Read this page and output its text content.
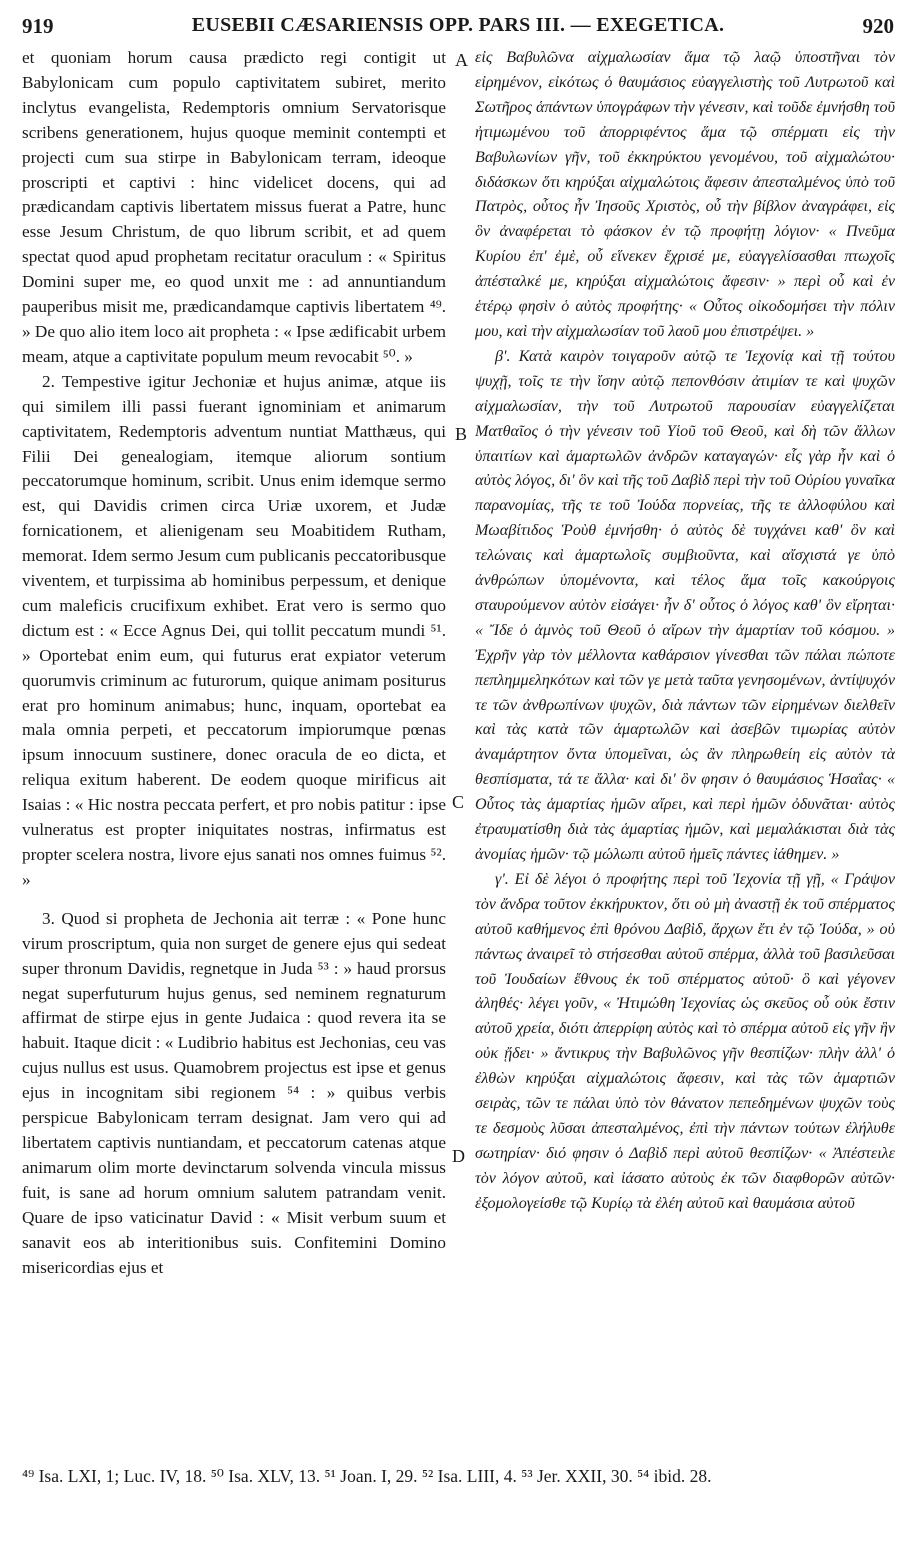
919	EUSEBII CÆSARIENSIS OPP. PARS III. — EXEGETICA.	920

et quoniam horum causa prædicto regi contigit ut Babylonicam cum populo captivitatem subiret, merito inclytus evangelista, Redemptoris omnium Servatorisque scribens generationem, hujus quoque meminit contempti et projecti cum sua stirpe in Babylonicam terram, ideoque proscripti et captivi : hinc videlicet docens, qui ad prædicandam captivis libertatem missus fuerat a Patre, hunc esse Jesum Christum, de quo librum scribit, et ad quem spectat quod apud prophetam recitatur oraculum : « Spiritus Domini super me, eo quod unxit me : ad annuntiandum pauperibus misit me, prædicandamque captivis libertatem ⁴⁹. » De quo alio item loco ait propheta : « Ipse ædificabit urbem meam, atque a captivitate populum meum revocabit ⁵⁰. »

2. Tempestive igitur Jechoniæ et hujus animæ, atque iis qui similem illi passi fuerant ignominiam et animarum captivitatem, Redemptoris adventum nuntiat Matthæus, qui Filii Dei genealogiam, itemque aliorum sontium peccatorumque hominum, scribit. Unus enim idemque sermo est, qui Davidis crimen circa Uriæ uxorem, et Judæ fornicationem, et alienigenam seu Moabitidem Rutham, memorat. Idem sermo Jesum cum publicanis peccatoribusque viventem, et turpissima ab hominibus perpessum, et denique cum maleficis crucifixum exhibet. Erat vero is sermo quo dictum est : « Ecce Agnus Dei, qui tollit peccatum mundi ⁵¹. » Oportebat enim eum, qui futurus erat expiator veterum quorumvis criminum ac futurorum, quique animam positurus erat pro hominum animabus; hunc, inquam, oportebat ea mala omnia perpeti, et peccatorum impiorumque pœnas ipsum innocuum sustinere, donec oracula de eo dicta, et reliqua exitum haberent. De eodem quoque mirificus ait Isaias : « Hic nostra peccata perfert, et pro nobis patitur : ipse vulneratus est propter iniquitates nostras, infirmatus est propter scelera nostra, livore ejus sanati nos omnes fuimus ⁵². »

3. Quod si propheta de Jechonia ait terræ : « Pone hunc virum proscriptum, quia non surget de genere ejus qui sedeat super thronum Davidis, regnetque in Juda ⁵³ : » haud prorsus negat superfuturum hujus genus, sed neminem regnaturum affirmat de stirpe ejus in gente Judaica : quod revera ita se habuit. Itaque dicit : « Ludibrio habitus est Jechonias, ceu vas cujus nullus est usus. Quamobrem projectus est ipse et genus ejus in incognitam sibi regionem ⁵⁴ : » quibus verbis perspicue Babylonicam terram designat. Jam vero qui ad libertatem captivis nuntiandam, et peccatorum catenas atque animarum olim morte devinctarum solvenda vincula missus fuit, is sane ad horum omnium salutem patrandam venit. Quare de ipso vaticinatur David : « Misit verbum suum et sanavit eos ab interitionibus suis. Confitemini Domino misericordias ejus et

A
B
C
D

εἰς Βαβυλῶνα αἰχμαλωσίαν ἅμα τῷ λαῷ ὑποστῆναι τὸν εἰρημένον, εἰκότως ὁ θαυμάσιος εὐαγγελιστὴς τοῦ Λυτρωτοῦ καὶ Σωτῆρος ἁπάντων ὑπογράφων τὴν γένεσιν, καὶ τοῦδε ἐμνήσθη τοῦ ἠτιμωμένου τοῦ ἀπορριφέντος ἅμα τῷ σπέρματι εἰς τὴν Βαβυλωνίων γῆν, τοῦ ἐκκηρύκτου γενομένου, τοῦ αἰχμαλώτου· διδάσκων ὅτι κηρύξαι αἰχμαλώτοις ἄφεσιν ἀπεσταλμένος ὑπὸ τοῦ Πατρὸς, οὗτος ἦν Ἰησοῦς Χριστὸς, οὗ τὴν βίβλον ἀναγράφει, εἰς ὃν ἀναφέρεται τὸ φάσκον ἐν τῷ προφήτῃ λόγιον· « Πνεῦμα Κυρίου ἐπ' ἐμὲ, οὗ εἵνεκεν ἔχρισέ με, εὐαγγελίσασθαι πτωχοῖς ἀπέσταλκέ με, κηρύξαι αἰχμαλώτοις ἄφεσιν· » περὶ οὗ καὶ ἐν ἑτέρῳ φησὶν ὁ αὐτὸς προφήτης· « Οὗτος οἰκοδομήσει τὴν πόλιν μου, καὶ τὴν αἰχμαλωσίαν τοῦ λαοῦ μου ἐπιστρέψει. »

β'. Κατὰ καιρὸν τοιγαροῦν αὐτῷ τε Ἰεχονίᾳ καὶ τῇ τούτου ψυχῇ, τοῖς τε τὴν ἴσην αὐτῷ πεπονθόσιν ἀτιμίαν τε καὶ ψυχῶν αἰχμαλωσίαν, τὴν τοῦ Λυτρωτοῦ παρουσίαν εὐαγγελίζεται Ματθαῖος ὁ τὴν γένεσιν τοῦ Υἱοῦ τοῦ Θεοῦ, καὶ δὴ τῶν ἄλλων ὑπαιτίων καὶ ἁμαρτωλῶν ἀνδρῶν καταγαγών· εἷς γὰρ ἦν καὶ ὁ αὐτὸς λόγος, δι' ὃν καὶ τῆς τοῦ Δαβὶδ περὶ τὴν τοῦ Οὐρίου γυναῖκα παρανομίας, τῆς τε τοῦ Ἰούδα πορνείας, τῆς τε ἀλλοφύλου καὶ Μωαβίτιδος Ῥοὺθ ἐμνήσθη· ὁ αὐτὸς δὲ τυγχάνει καθ' ὃν καὶ τελώναις καὶ ἁμαρτωλοῖς συμβιοῦντα, καὶ αἴσχιστά γε ὑπὸ ἀνθρώπων ὑπομένοντα, καὶ τέλος ἅμα τοῖς κακούργοις σταυρούμενον αὐτὸν εἰσάγει· ἦν δ' οὗτος ὁ λόγος καθ' ὃν εἴρηται· « Ἴδε ὁ ἀμνὸς τοῦ Θεοῦ ὁ αἴρων τὴν ἁμαρτίαν τοῦ κόσμου. » Ἐχρῆν γὰρ τὸν μέλλοντα καθάρσιον γίνεσθαι τῶν πάλαι πώποτε πεπλημμεληκότων καὶ τῶν γε μετὰ ταῦτα γενησομένων, ἀντίψυχόν τε τῶν ἀνθρωπίνων ψυχῶν, διὰ πάντων τῶν εἰρημένων διελθεῖν καὶ τὰς κατὰ τῶν ἁμαρτωλῶν καὶ ἀσεβῶν τιμωρίας αὐτὸν ἀναμάρτητον ὄντα ὑπομεῖναι, ὡς ἂν πληρωθείη εἰς αὐτὸν τὰ θεσπίσματα, τά τε ἄλλα· καὶ δι' ὃν φησιν ὁ θαυμάσιος Ἡσαΐας· « Οὗτος τὰς ἁμαρτίας ἡμῶν αἴρει, καὶ περὶ ἡμῶν ὀδυνᾶται· αὐτὸς ἐτραυματίσθη διὰ τὰς ἁμαρτίας ἡμῶν, καὶ μεμαλάκισται διὰ τὰς ἀνομίας ἡμῶν· τῷ μώλωπι αὐτοῦ ἡμεῖς πάντες ἰάθημεν. »

γ'. Εἰ δὲ λέγοι ὁ προφήτης περὶ τοῦ Ἰεχονία τῇ γῇ, « Γράψον τὸν ἄνδρα τοῦτον ἐκκήρυκτον, ὅτι οὐ μὴ ἀναστῇ ἐκ τοῦ σπέρματος αὐτοῦ καθήμενος ἐπὶ θρόνου Δαβὶδ, ἄρχων ἔτι ἐν τῷ Ἰούδα, » οὐ πάντως ἀναιρεῖ τὸ στήσεσθαι αὐτοῦ σπέρμα, ἀλλὰ τοῦ βασιλεῦσαι τοῦ Ἰουδαίων ἔθνους ἐκ τοῦ σπέρματος αὐτοῦ· ὃ καὶ γέγονεν ἀληθές· λέγει γοῦν, « Ἠτιμώθη Ἰεχονίας ὡς σκεῦος οὗ οὐκ ἔστιν αὐτοῦ χρεία, διότι ἀπερρίφη αὐτὸς καὶ τὸ σπέρμα αὐτοῦ εἰς γῆν ἣν οὐκ ᾔδει· » ἄντικρυς τὴν Βαβυλῶνος γῆν θεσπίζων· πλὴν ἀλλ' ὁ ἐλθὼν κηρύξαι αἰχμαλώτοις ἄφεσιν, καὶ τὰς τῶν ἁμαρτιῶν σειρὰς, τῶν τε πάλαι ὑπὸ τὸν θάνατον πεπεδημένων ψυχῶν τοὺς τε δεσμοὺς λῦσαι ἀπεσταλμένος, ἐπὶ τὴν πάντων τούτων ἐλήλυθε σωτηρίαν· διό φησιν ὁ Δαβὶδ περὶ αὐτοῦ θεσπίζων· « Ἀπέστειλε τὸν λόγον αὐτοῦ, καὶ ἰάσατο αὐτοὺς ἐκ τῶν διαφθορῶν αὐτῶν· ἐξομολογείσθε τῷ Κυρίῳ τὰ ἐλέη αὐτοῦ καὶ θαυμάσια αὐτοῦ

⁴⁹ Isa. LXI, 1; Luc. IV, 18. ⁵⁰ Isa. XLV, 13. ⁵¹ Joan. I, 29. ⁵² Isa. LIII, 4. ⁵³ Jer. XXII, 30. ⁵⁴ ibid. 28.
